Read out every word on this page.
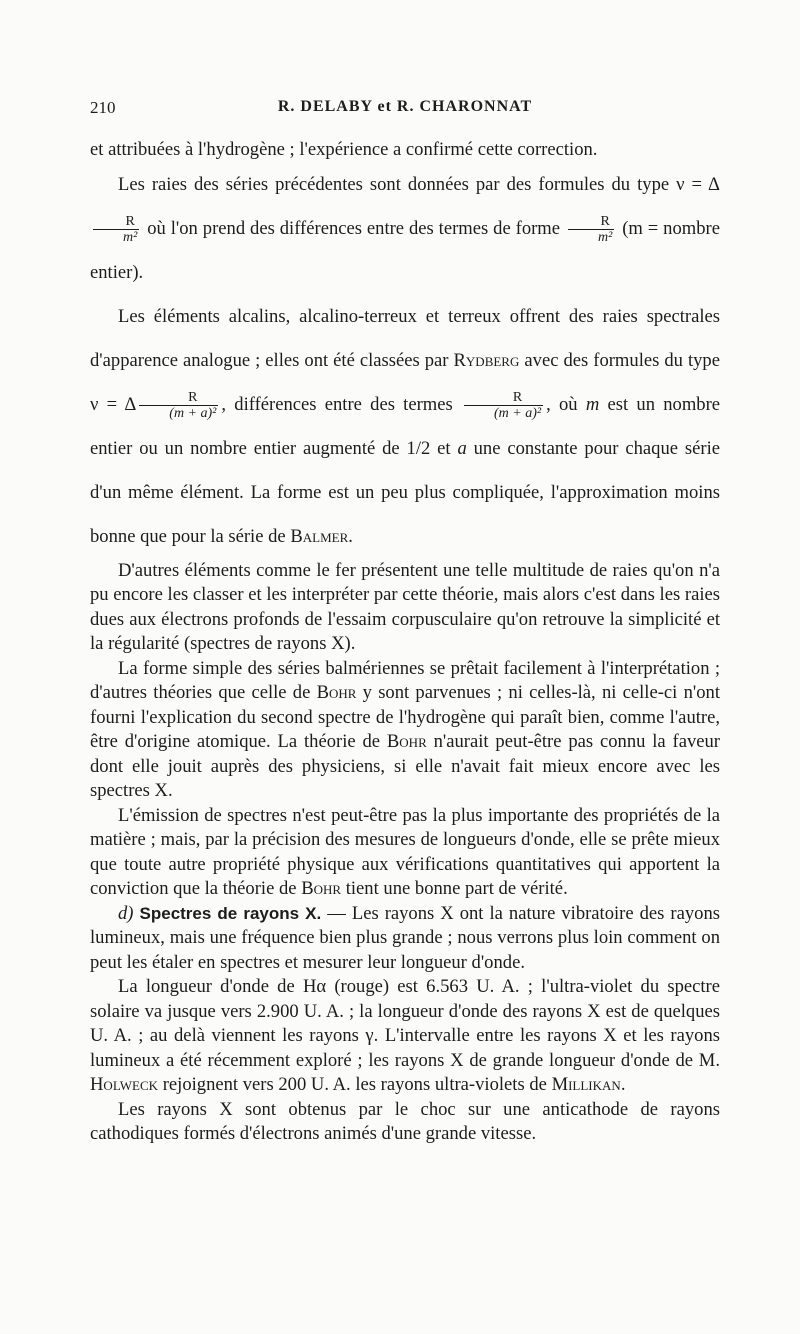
210	R. DELABY et R. CHARONNAT

et attribuées à l'hydrogène ; l'expérience a confirmé cette correction.

Les raies des séries précédentes sont données par des formules du type ν = Δ
$\frac{R}{\text{m²}}$ où l'on prend des différences entre des termes de forme $\frac{R}{\text{m²}} (m$ = nombre entier).

Les éléments alcalins, alcalino-terreux et terreux offrent des raies spectrales d'apparence analogue ; elles ont été classées par Rydberg avec des formules du type ν = Δ $\frac{R}{\text{(m + a)²}}$ , différences entre des termes $\frac{R}{\text{(m + a)²}}$ , où m est un nombre entier ou un nombre entier augmenté de 1/2 et a une constante pour chaque série d'un même élément. La forme est un peu plus compliquée, l'approximation moins bonne que pour la série de Balmer.

D'autres éléments comme le fer présentent une telle multitude de raies qu'on n'a pu encore les classer et les interpréter par cette théorie, mais alors c'est dans les raies dues aux électrons profonds de l'essaim corpusculaire qu'on retrouve la simplicité et la régularité (spectres de rayons X).

La forme simple des séries balmériennes se prêtait facilement à l'interprétation ; d'autres théories que celle de Bohr y sont parvenues ; ni celles-là, ni celle-ci n'ont fourni l'explication du second spectre de l'hydrogène qui paraît bien, comme l'autre, être d'origine atomique. La théorie de Bohr n'aurait peut-être pas connu la faveur dont elle jouit auprès des physiciens, si elle n'avait fait mieux encore avec les spectres X.

L'émission de spectres n'est peut-être pas la plus importante des propriétés de la matière ; mais, par la précision des mesures de longueurs d'onde, elle se prête mieux que toute autre propriété physique aux vérifications quantitatives qui apportent la conviction que la théorie de Bohr tient une bonne part de vérité.

d) Spectres de rayons X. — Les rayons X ont la nature vibratoire des rayons lumineux, mais une fréquence bien plus grande ; nous verrons plus loin comment on peut les étaler en spectres et mesurer leur longueur d'onde.

La longueur d'onde de Hα (rouge) est 6.563 U. A. ; l'ultra-violet du spectre solaire va jusque vers 2.900 U. A. ; la longueur d'onde des rayons X est de quelques U. A. ; au delà viennent les rayons γ. L'intervalle entre les rayons X et les rayons lumineux a été récemment exploré ; les rayons X de grande longueur d'onde de M. Holweck rejoignent vers 200 U. A. les rayons ultra-violets de Millikan.

Les rayons X sont obtenus par le choc sur une anticathode de rayons cathodiques formés d'électrons animés d'une grande vitesse.
